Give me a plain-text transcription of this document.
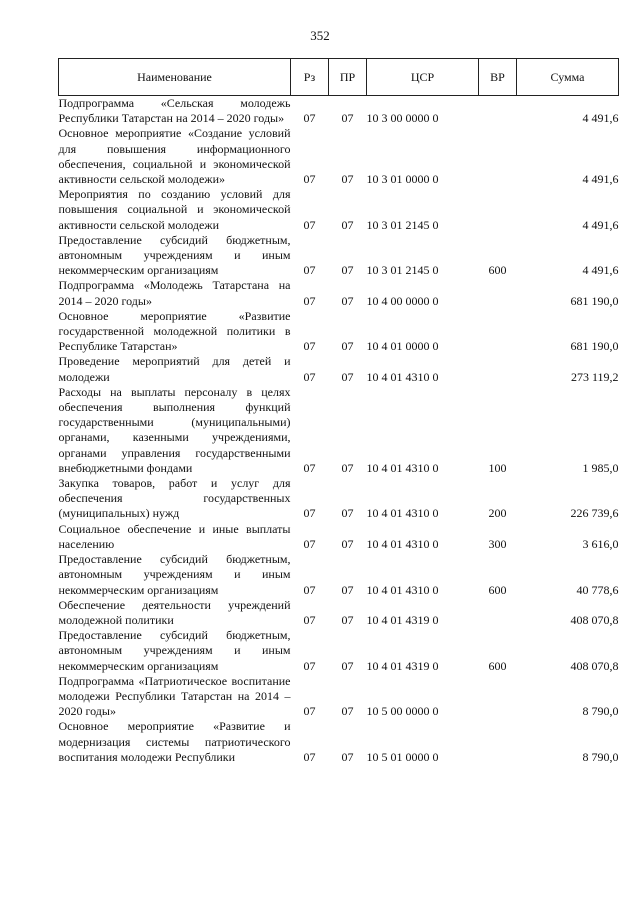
352
Наименование	Рз	ПР	ЦСР	ВР	Сумма
Подпрограмма «Сельская молодежь Республики Татарстан на 2014 – 2020 годы»	07	07	10 3 00 0000 0		4 491,6
Основное мероприятие «Создание условий для повышения информационного обеспечения, социальной и экономической активности сельской молодежи»	07	07	10 3 01 0000 0		4 491,6
Мероприятия по созданию условий для повышения социальной и экономической активности сельской молодежи	07	07	10 3 01 2145 0		4 491,6
Предоставление субсидий бюджетным, автономным учреждениям и иным некоммерческим организациям	07	07	10 3 01 2145 0	600	4 491,6
Подпрограмма «Молодежь Татарстана на 2014 – 2020 годы»	07	07	10 4 00 0000 0		681 190,0
Основное мероприятие «Развитие государственной молодежной политики в Республике Татарстан»	07	07	10 4 01 0000 0		681 190,0
Проведение мероприятий для детей и молодежи	07	07	10 4 01 4310 0		273 119,2
Расходы на выплаты персоналу в целях обеспечения выполнения функций государственными (муниципальными) органами, казенными учреждениями, органами управления государственными внебюджетными фондами	07	07	10 4 01 4310 0	100	1 985,0
Закупка товаров, работ и услуг для обеспечения государственных (муниципальных) нужд	07	07	10 4 01 4310 0	200	226 739,6
Социальное обеспечение и иные выплаты населению	07	07	10 4 01 4310 0	300	3 616,0
Предоставление субсидий бюджетным, автономным учреждениям и иным некоммерческим организациям	07	07	10 4 01 4310 0	600	40 778,6
Обеспечение деятельности учреждений молодежной политики	07	07	10 4 01 4319 0		408 070,8
Предоставление субсидий бюджетным, автономным учреждениям и иным некоммерческим организациям	07	07	10 4 01 4319 0	600	408 070,8
Подпрограмма «Патриотическое воспитание молодежи Республики Татарстан на 2014 – 2020 годы»	07	07	10 5 00 0000 0		8 790,0
Основное мероприятие «Развитие и модернизация системы патриотического воспитания молодежи Республики	07	07	10 5 01 0000 0		8 790,0
